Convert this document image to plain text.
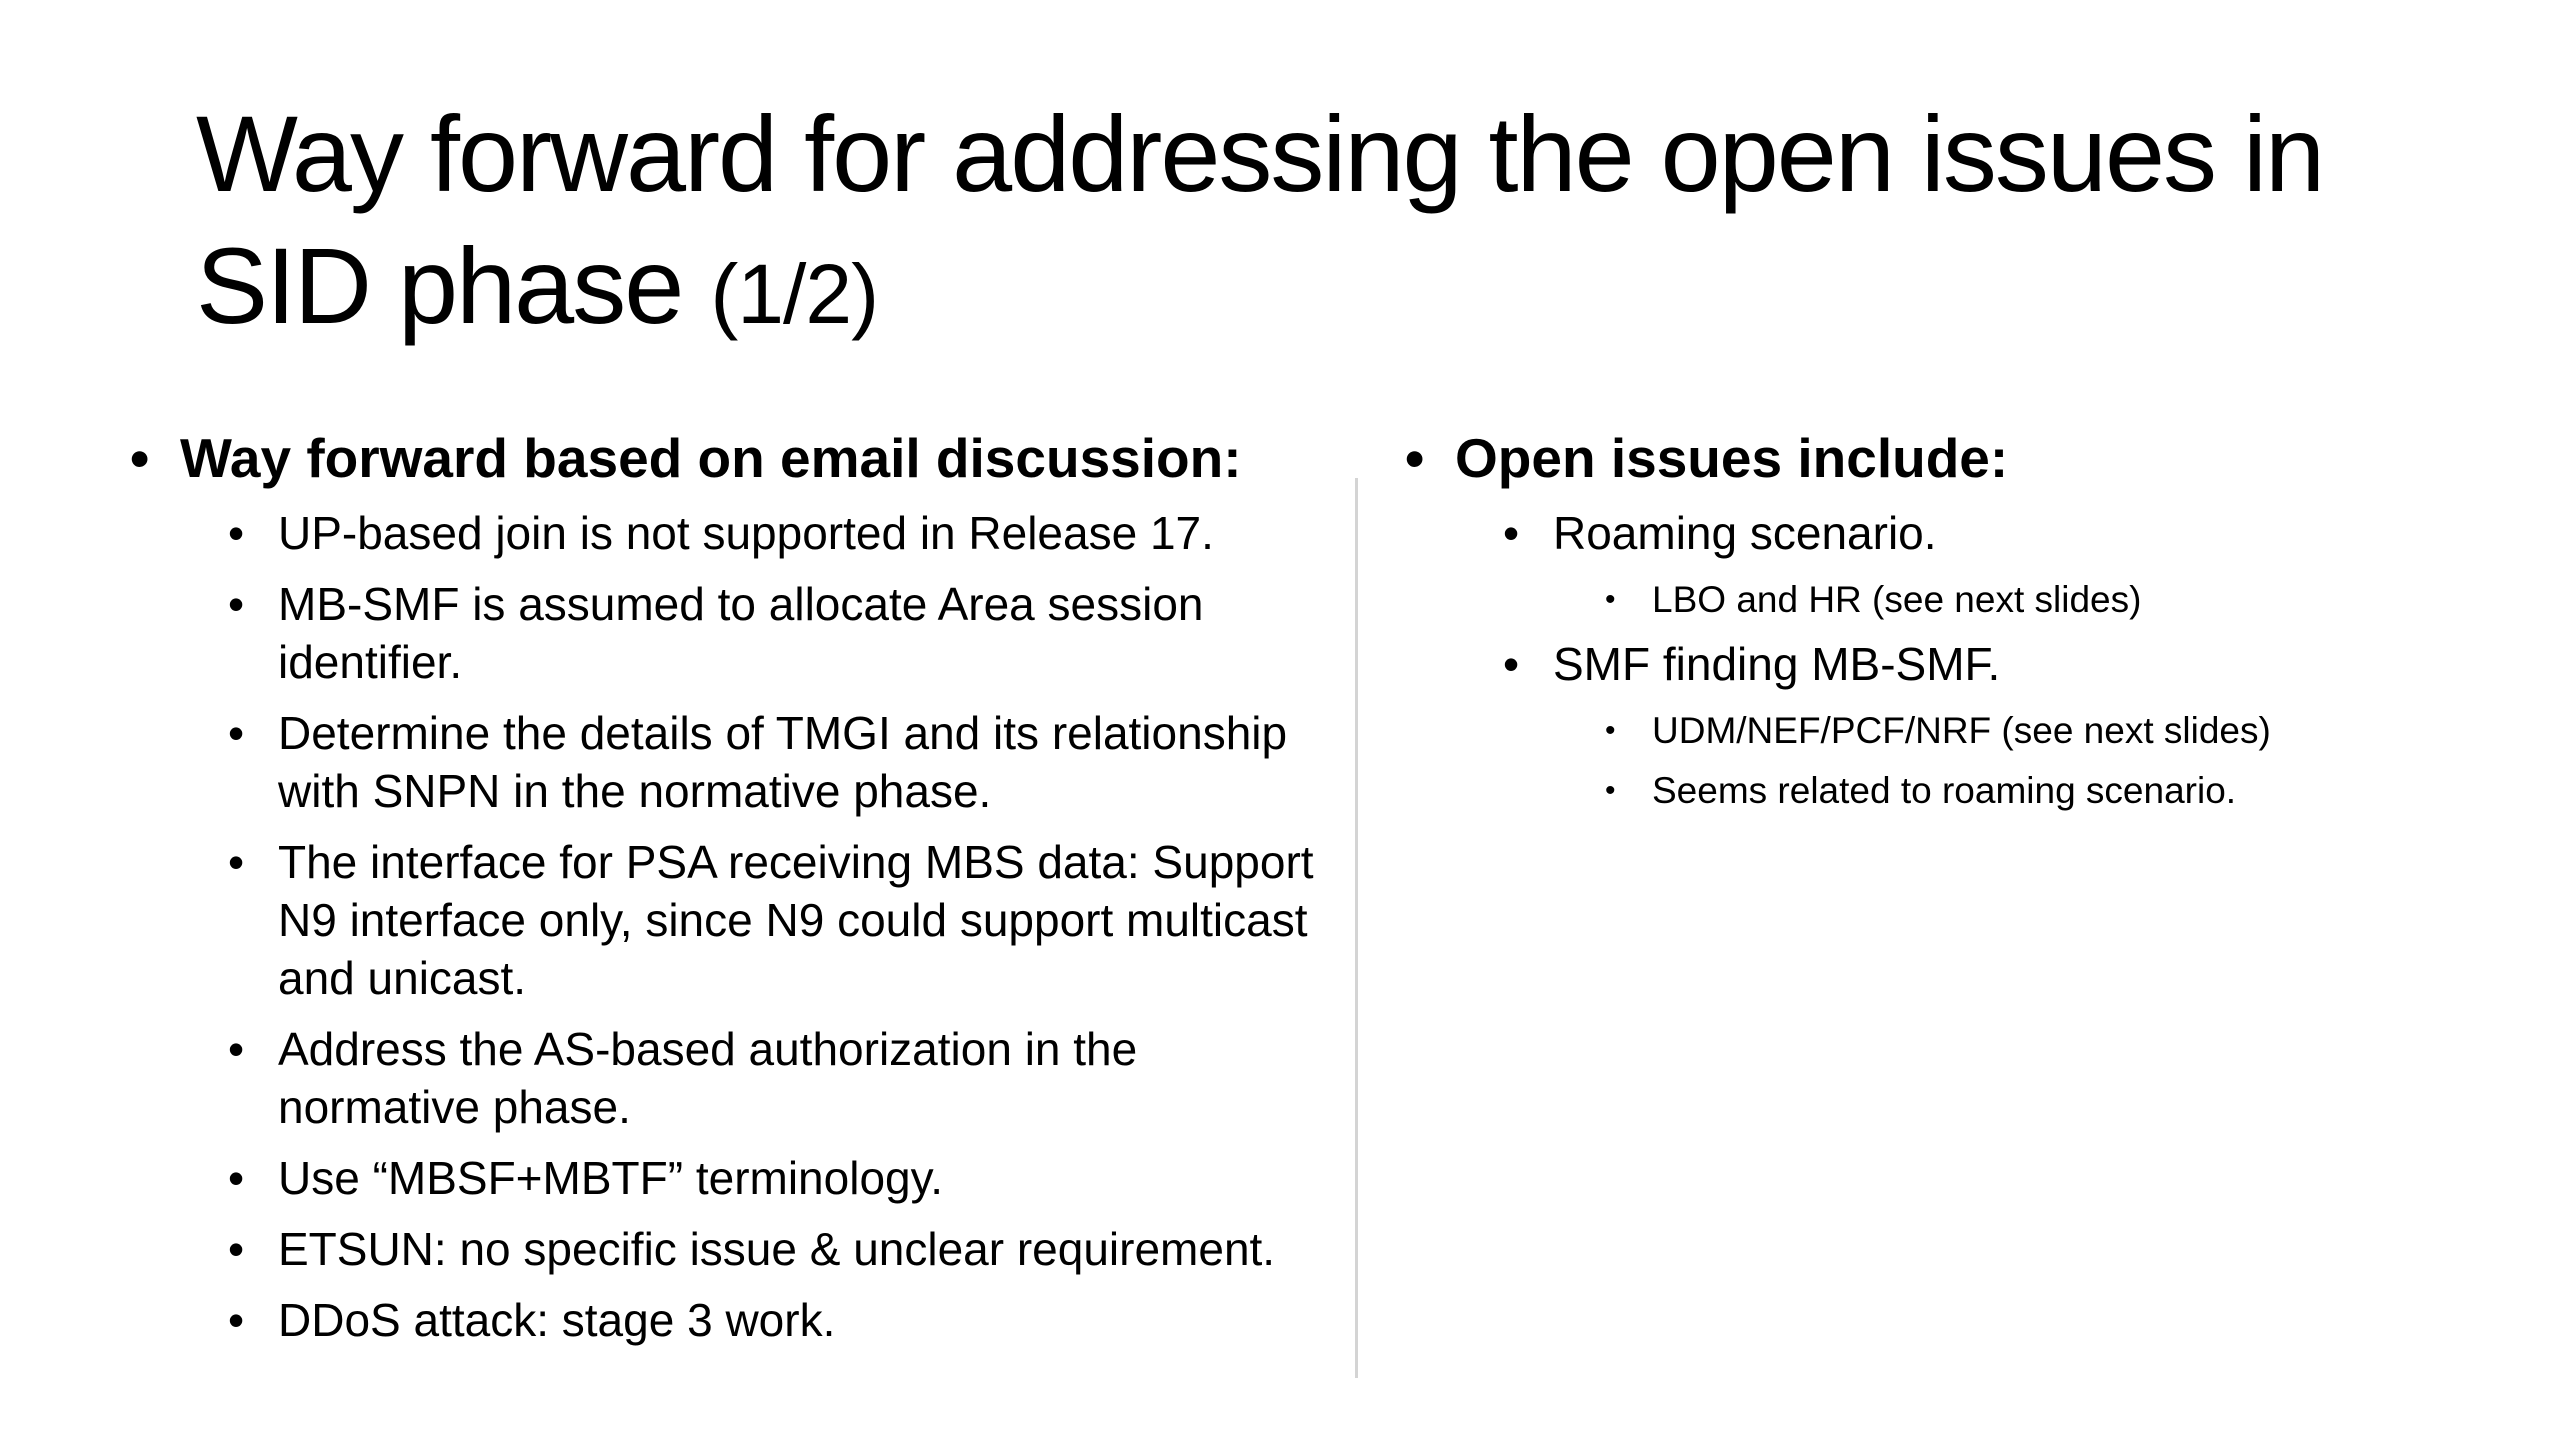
Way forward for addressing the open issues in SID phase (1/2)
• Way forward based on email discussion:
• UP-based join is not supported in Release 17.
• MB-SMF is assumed to allocate Area session identifier.
• Determine the details of TMGI and its relationship with SNPN in the normative phase.
• The interface for PSA receiving MBS data: Support N9 interface only, since N9 could support multicast and unicast.
• Address the AS-based authorization in the normative phase.
• Use “MBSF+MBTF” terminology.
• ETSUN: no specific issue & unclear requirement.
• DDoS attack: stage 3 work.
• Open issues include:
• Roaming scenario.
• LBO and HR (see next slides)
• SMF finding MB-SMF.
• UDM/NEF/PCF/NRF (see next slides)
• Seems related to roaming scenario.
